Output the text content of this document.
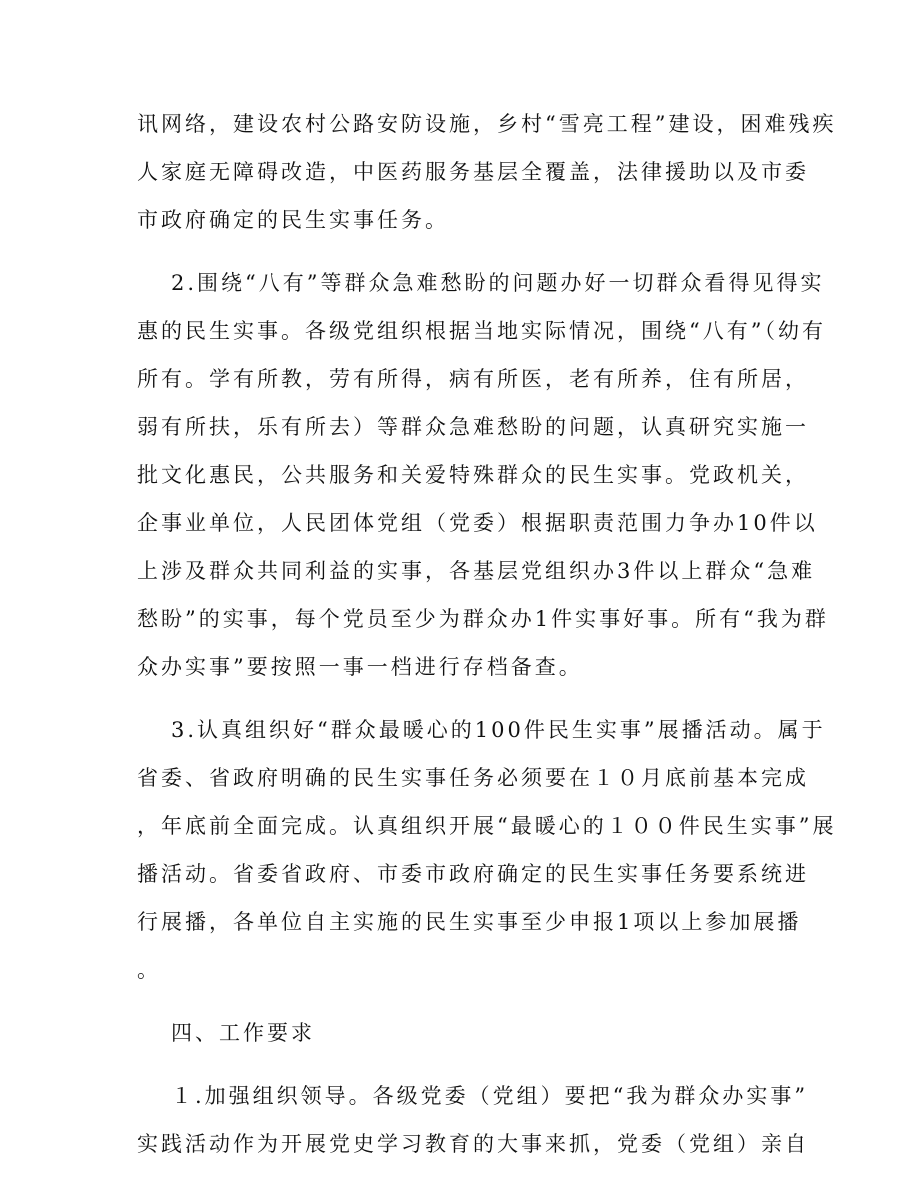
讯网络，建设农村公路安防设施，乡村“雪亮工程”建设，困难残疾
人家庭无障碍改造，中医药服务基层全覆盖，法律援助以及市委
市政府确定的民生实事任务。

2.围绕“八有”等群众急难愁盼的问题办好一切群众看得见得实
惠的民生实事。各级党组织根据当地实际情况，围绕“八有”（幼有
所有。学有所教，劳有所得，病有所医，老有所养，住有所居，
弱有所扶，乐有所去）等群众急难愁盼的问题，认真研究实施一
批文化惠民，公共服务和关爱特殊群众的民生实事。党政机关，
企事业单位，人民团体党组（党委）根据职责范围力争办10件以
上涉及群众共同利益的实事，各基层党组织办3件以上群众“急难
愁盼”的实事，每个党员至少为群众办1件实事好事。所有“我为群
众办实事”要按照一事一档进行存档备查。

3.认真组织好“群众最暖心的100件民生实事”展播活动。属于
省委、省政府明确的民生实事任务必须要在１０月底前基本完成
，年底前全面完成。认真组织开展“最暖心的１００件民生实事”展
播活动。省委省政府、市委市政府确定的民生实事任务要系统进
行展播，各单位自主实施的民生实事至少申报1项以上参加展播
。

四、工作要求

１.加强组织领导。各级党委（党组）要把“我为群众办实事”
实践活动作为开展党史学习教育的大事来抓，党委（党组）亲自
